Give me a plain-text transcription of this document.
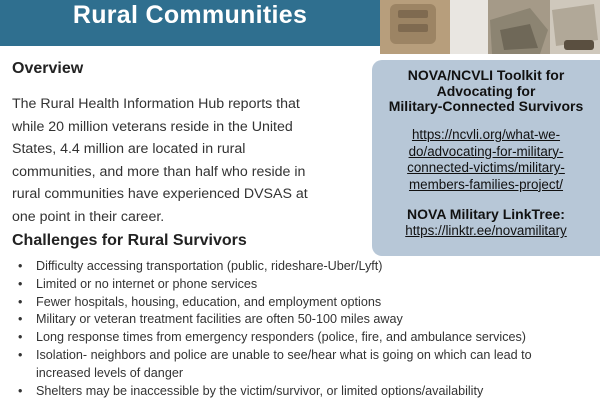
Rural Communities
Overview

The Rural Health Information Hub reports that
while 20 million veterans reside in the United
States, 4.4 million are located in rural
communities, and more than half who reside in
rural communities have experienced DVSAS at
one point in their career.

NOVA/NCVLI Toolkit for
Advocating for
Military-Connected Survivors

https://ncvli.org/what-we-
do/advocating-for-military-
connected-victims/military-
members-families-project/

NOVA Military LinkTree:

https://linktr.ee/novamilitary

Challenges for Rural Survivors
• Difficulty accessing transportation (public, rideshare-Uber/Lyft)
• Limited or no internet or phone services
• Fewer hospitals, housing, education, and employment options
• Military or veteran treatment facilities are often 50-100 miles away
• Long response times from emergency responders (police, fire, and ambulance services)
• Isolation- neighbors and police are unable to see/hear what is going on which can lead to
increased levels of danger
• Shelters may be inaccessible by the victim/survivor, or limited options/availability
